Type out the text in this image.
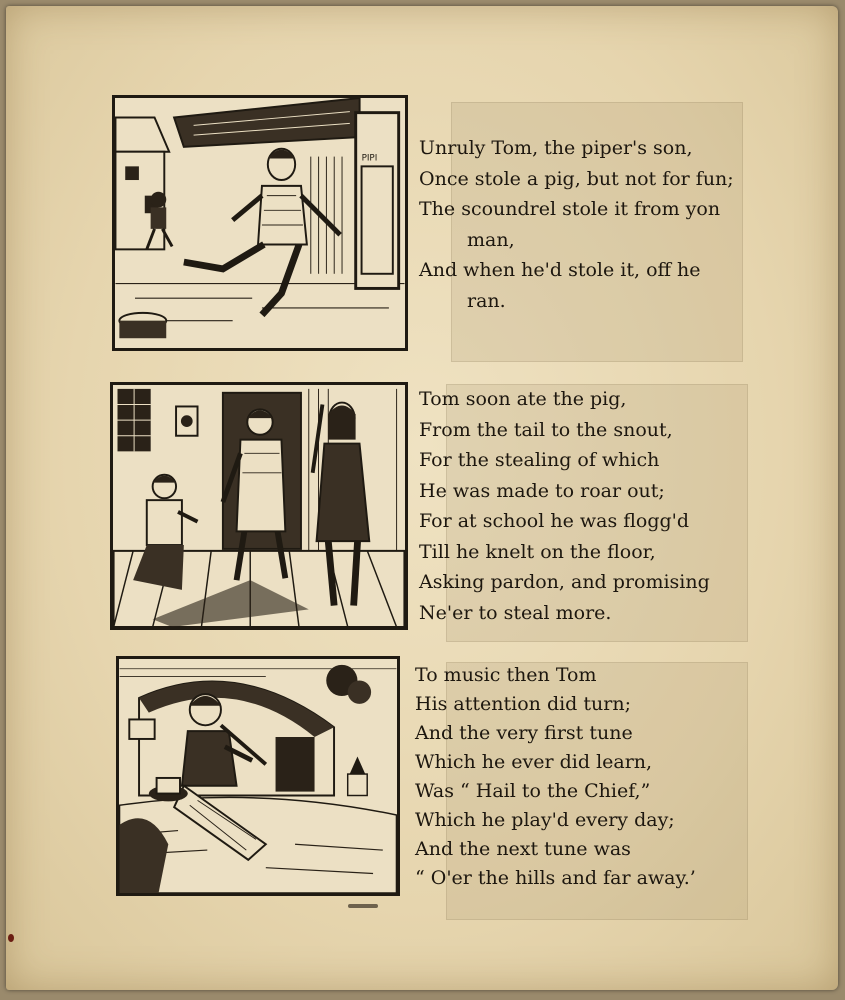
PIPI Unruly Tom, the piper's son,
Once stole a pig, but not for fun;
The scoundrel stole it from yon
man,
And when he'd stole it, off he
ran.
Tom soon ate the pig,
From the tail to the snout,
For the stealing of which
He was made to roar out;
For at school he was flogg'd
Till he knelt on the floor,
Asking pardon, and promising
Ne'er to steal more.
To music then Tom
His attention did turn;
And the very first tune
Which he ever did learn,
Was “ Hail to the Chief,”
Which he play'd every day;
And the next tune was
“ O'er the hills and far away.’
